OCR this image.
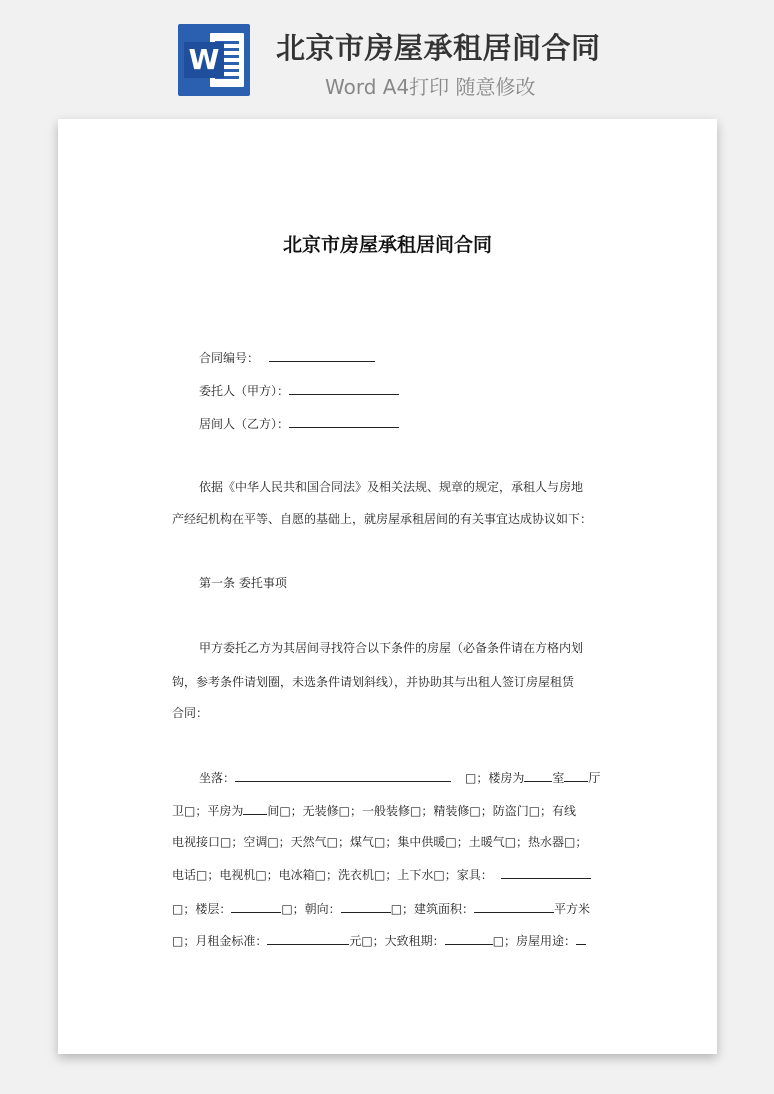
W 北京市房屋承租居间合同
Word A4打印 随意修改

北京市房屋承租居间合同
合同编号：
委托人（甲方）：
居间人（乙方）：
依据《中华人民共和国合同法》及相关法规、规章的规定，承租人与房地
产经纪机构在平等、自愿的基础上，就房屋承租居间的有关事宜达成协议如下：
第一条 委托事项
甲方委托乙方为其居间寻找符合以下条件的房屋（必备条件请在方格内划
钩，参考条件请划圈，未选条件请划斜线），并协助其与出租人签订房屋租赁
合同：
坐落：	□；楼房为 室 厅
卫□；平房为 间□；无装修□；一般装修□；精装修□；防盗门□；有线
电视接口□；空调□；天然气□；煤气□；集中供暖□；土暖气□；热水器□；
电话□；电视机□；电冰箱□；洗衣机□；上下水□；家具：
□；楼层：	□；朝向：	□；建筑面积：	平方米
□；月租金标准：	元□；大致租期：	□；房屋用途：
